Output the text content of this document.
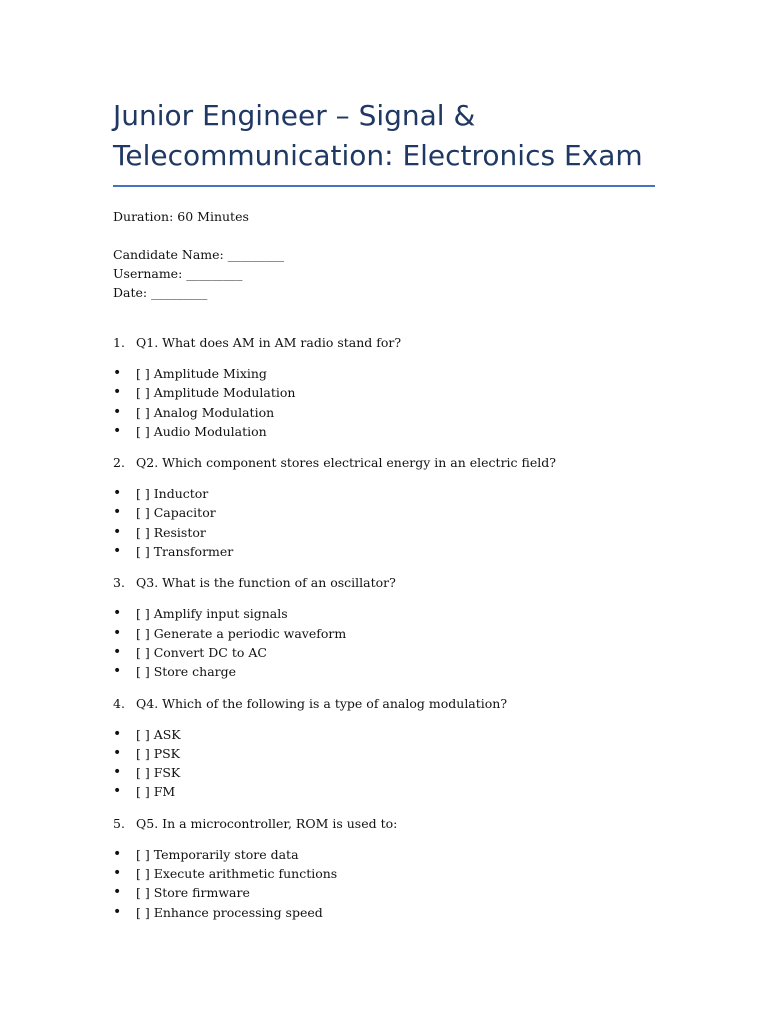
Junior Engineer – Signal &
Telecommunication: Electronics Exam

Duration: 60 Minutes

Candidate Name: _________

Username: _________

Date: _________

1. Q1. What does AM in AM radio stand for?
• [ ] Amplitude Mixing
• [ ] Amplitude Modulation
• [ ] Analog Modulation
• [ ] Audio Modulation
2. Q2. Which component stores electrical energy in an electric field?
• [ ] Inductor
• [ ] Capacitor
• [ ] Resistor
• [ ] Transformer
3. Q3. What is the function of an oscillator?
• [ ] Amplify input signals
• [ ] Generate a periodic waveform
• [ ] Convert DC to AC
• [ ] Store charge
4. Q4. Which of the following is a type of analog modulation?
• [ ] ASK
• [ ] PSK
• [ ] FSK
• [ ] FM
5. Q5. In a microcontroller, ROM is used to:
• [ ] Temporarily store data
• [ ] Execute arithmetic functions
• [ ] Store firmware
• [ ] Enhance processing speed
